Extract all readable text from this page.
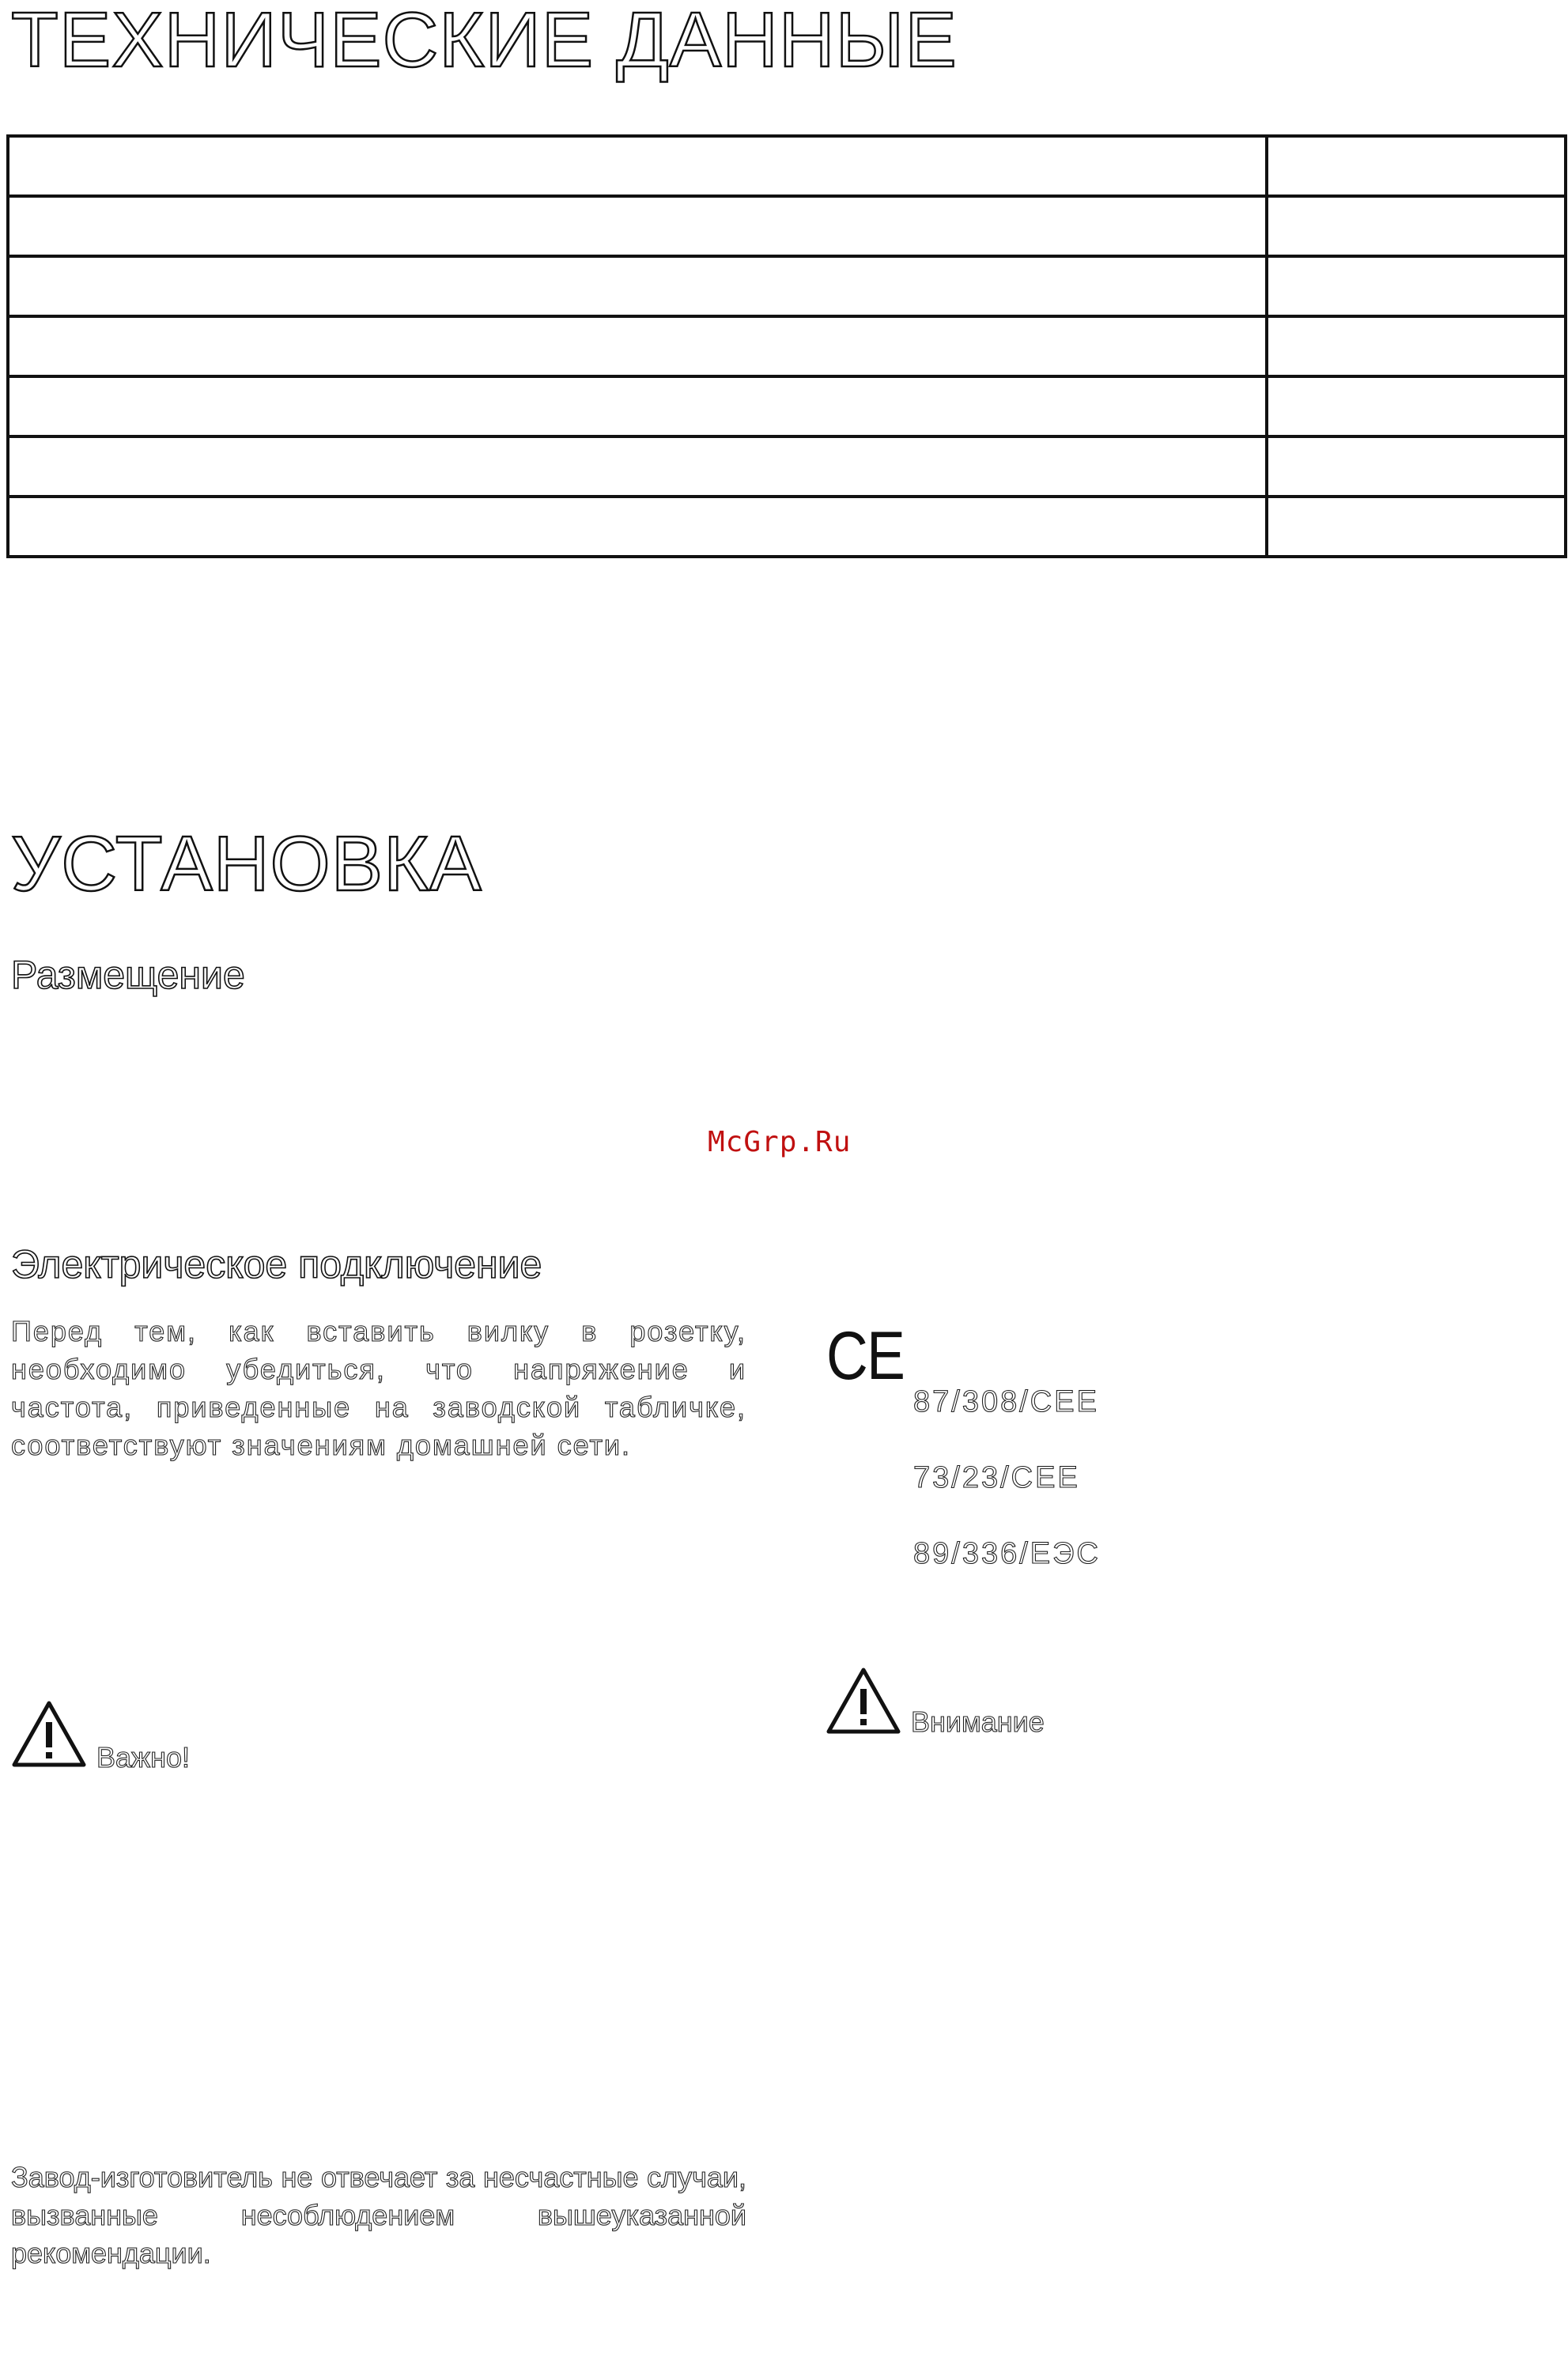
ТЕХНИЧЕСКИЕ ДАННЫЕ

УСТАНОВКА
Размещение
McGrp.Ru
Электрическое подключение

Перед тем, как вставить вилку в розетку, необходимо убедиться, что напряжение и частота, приведенные на заводской табличке, соответствуют значениям домашней сети.

CE
87/308/CEE
73/23/CEE
89/336/ЕЭС
Важно!
Внимание

Завод-изготовитель не отвечает за несчастные случаи, вызванные несоблюдением вышеуказанной рекомендации.
